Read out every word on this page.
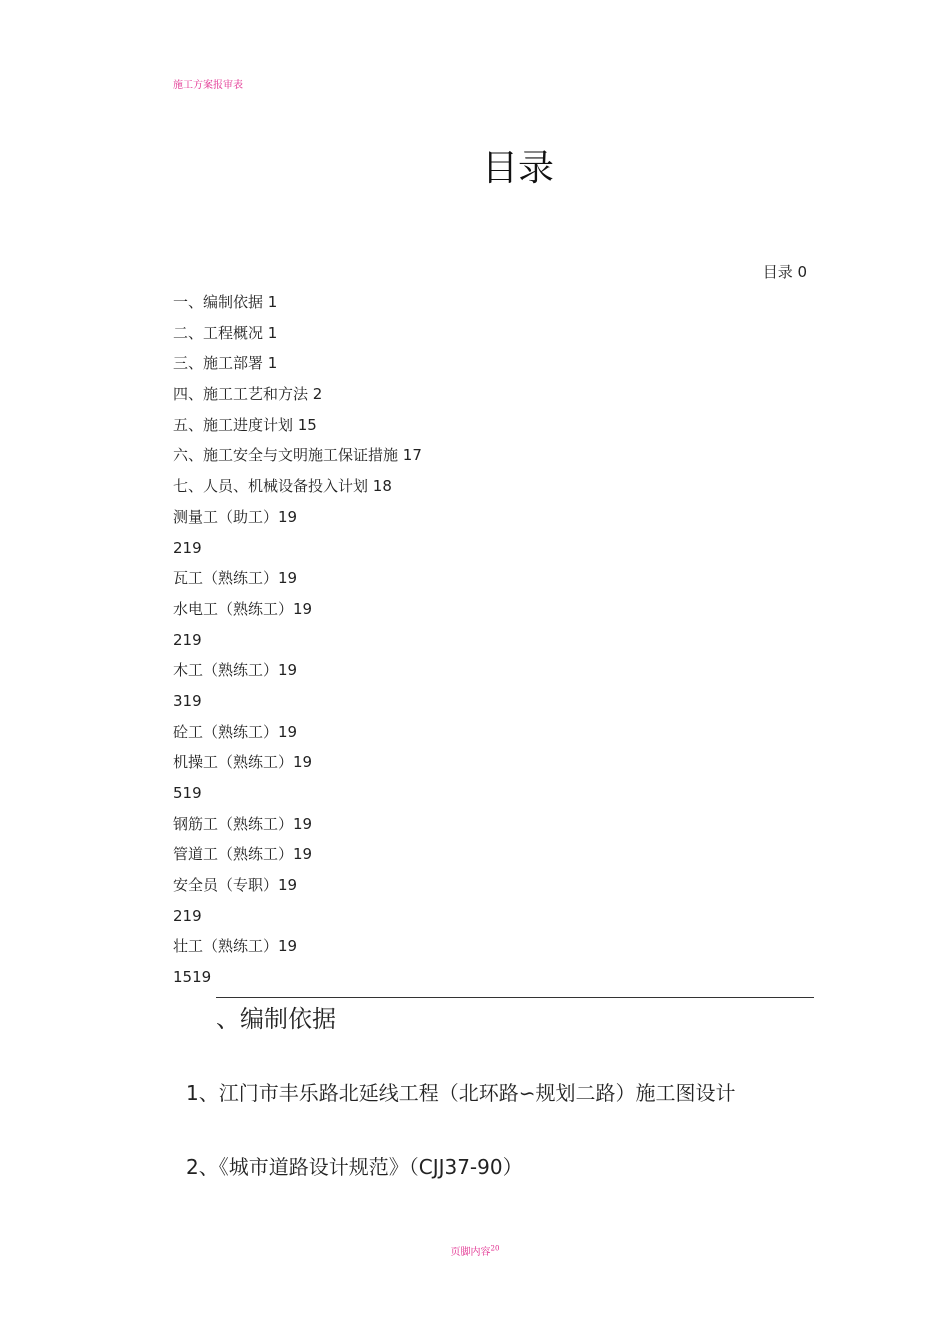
施工方案报审表
目录
目录 0
一、编制依据 1
二、工程概况 1
三、施工部署 1
四、施工工艺和方法 2
五、施工进度计划 15
六、施工安全与文明施工保证措施 17
七、人员、机械设备投入计划 18
测量工（助工）19
219
瓦工（熟练工）19
水电工（熟练工）19
219
木工（熟练工）19
319
砼工（熟练工）19
机操工（熟练工）19
519
钢筋工（熟练工）19
管道工（熟练工）19
安全员（专职）19
219
壮工（熟练工）19
1519
、编制依据
1、江门市丰乐路北延线工程（北环路∽规划二路）施工图设计
2、《城市道路设计规范》（CJJ37-90）
页脚内容$^{20}$
